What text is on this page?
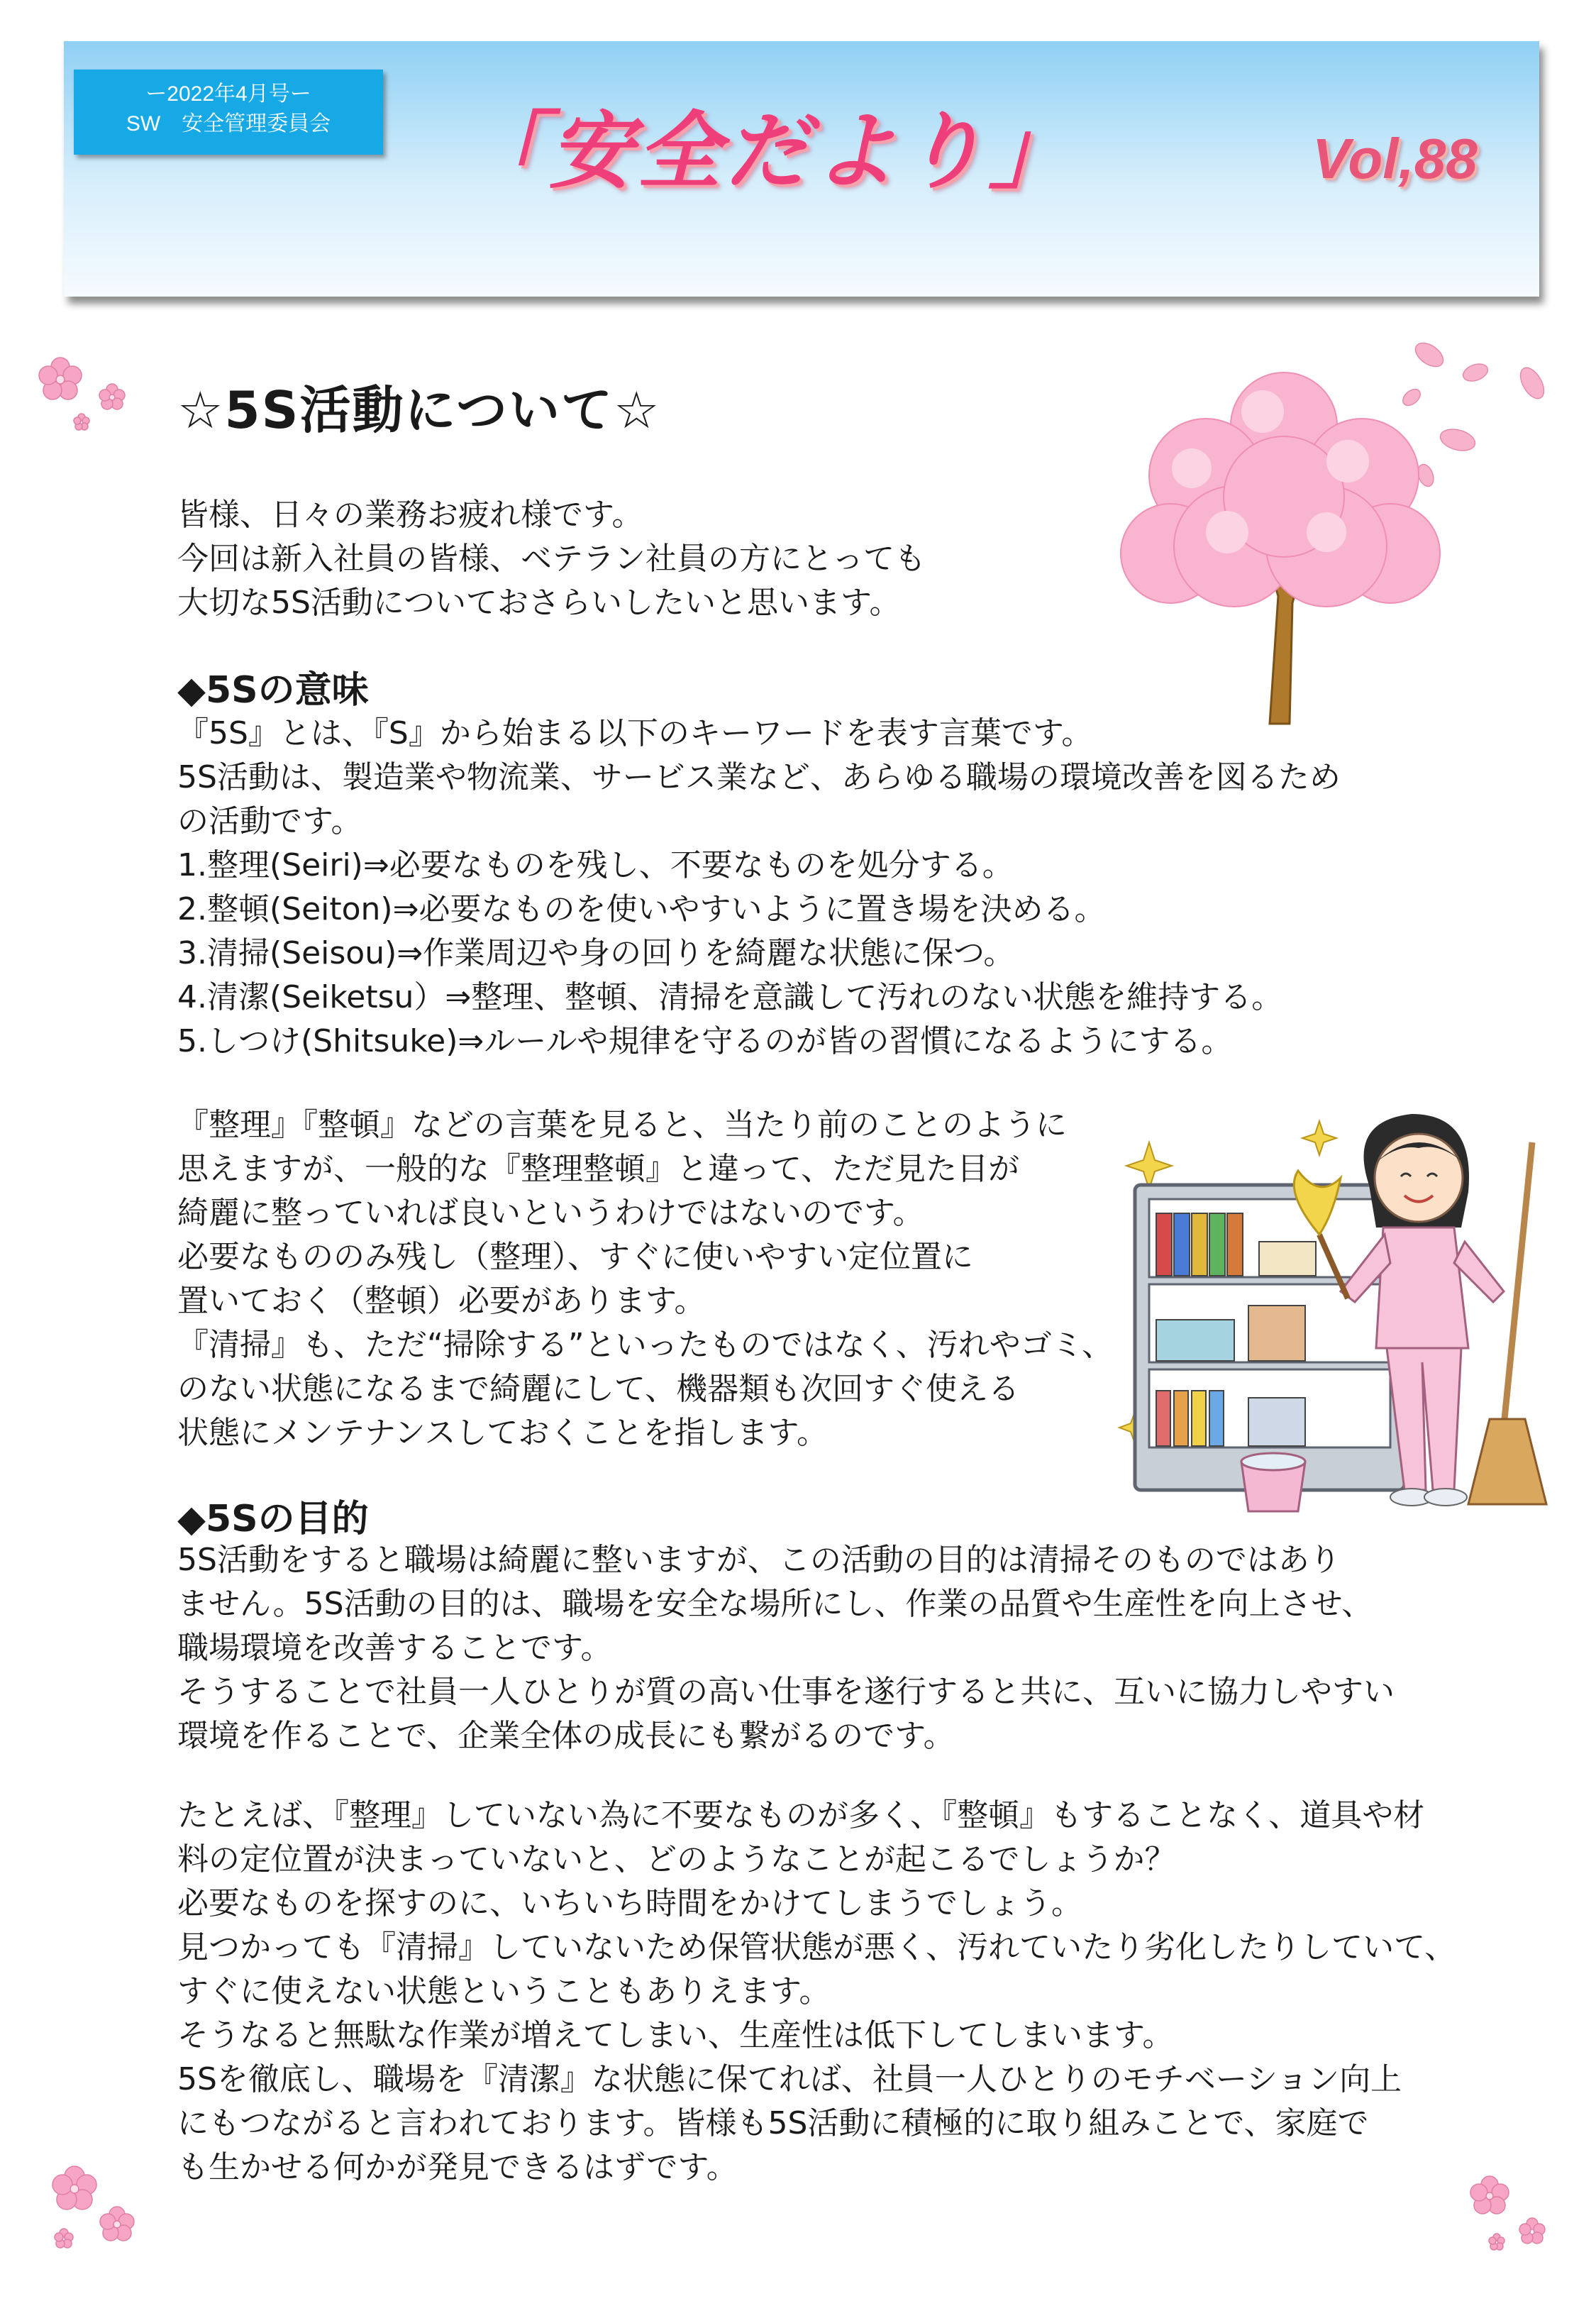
ー2022年4月号ー
SW　安全管理委員会	「安全だより」	Vol,88
☆5S活動について☆
皆様、日々の業務お疲れ様です。
今回は新入社員の皆様、ベテラン社員の方にとっても
大切な5S活動についておさらいしたいと思います。
◆5Sの意味
『5S』とは、『S』から始まる以下のキーワードを表す言葉です。
5S活動は、製造業や物流業、サービス業など、あらゆる職場の環境改善を図るため
の活動です。
1.整理(Seiri)⇒必要なものを残し、不要なものを処分する。
2.整頓(Seiton)⇒必要なものを使いやすいように置き場を決める。
3.清掃(Seisou)⇒作業周辺や身の回りを綺麗な状態に保つ。
4.清潔(Seiketsu）⇒整理、整頓、清掃を意識して汚れのない状態を維持する。
5.しつけ(Shitsuke)⇒ルールや規律を守るのが皆の習慣になるようにする。
『整理』『整頓』などの言葉を見ると、当たり前のことのように
思えますが、一般的な『整理整頓』と違って、ただ見た目が
綺麗に整っていれば良いというわけではないのです。
必要なもののみ残し（整理）、すぐに使いやすい定位置に
置いておく（整頓）必要があります。
『清掃』も、ただ“掃除する”といったものではなく、汚れやゴミ、
のない状態になるまで綺麗にして、機器類も次回すぐ使える
状態にメンテナンスしておくことを指します。
◆5Sの目的
5S活動をすると職場は綺麗に整いますが、この活動の目的は清掃そのものではあり
ません。5S活動の目的は、職場を安全な場所にし、作業の品質や生産性を向上させ、
職場環境を改善することです。
そうすることで社員一人ひとりが質の高い仕事を遂行すると共に、互いに協力しやすい
環境を作ることで、企業全体の成長にも繋がるのです。
たとえば、『整理』していない為に不要なものが多く、『整頓』もすることなく、道具や材
料の定位置が決まっていないと、どのようなことが起こるでしょうか？
必要なものを探すのに、いちいち時間をかけてしまうでしょう。
見つかっても『清掃』していないため保管状態が悪く、汚れていたり劣化したりしていて、
すぐに使えない状態ということもありえます。
そうなると無駄な作業が増えてしまい、生産性は低下してしまいます。
5Sを徹底し、職場を『清潔』な状態に保てれば、社員一人ひとりのモチベーション向上
にもつながると言われております。皆様も5S活動に積極的に取り組みことで、家庭で
も生かせる何かが発見できるはずです。
